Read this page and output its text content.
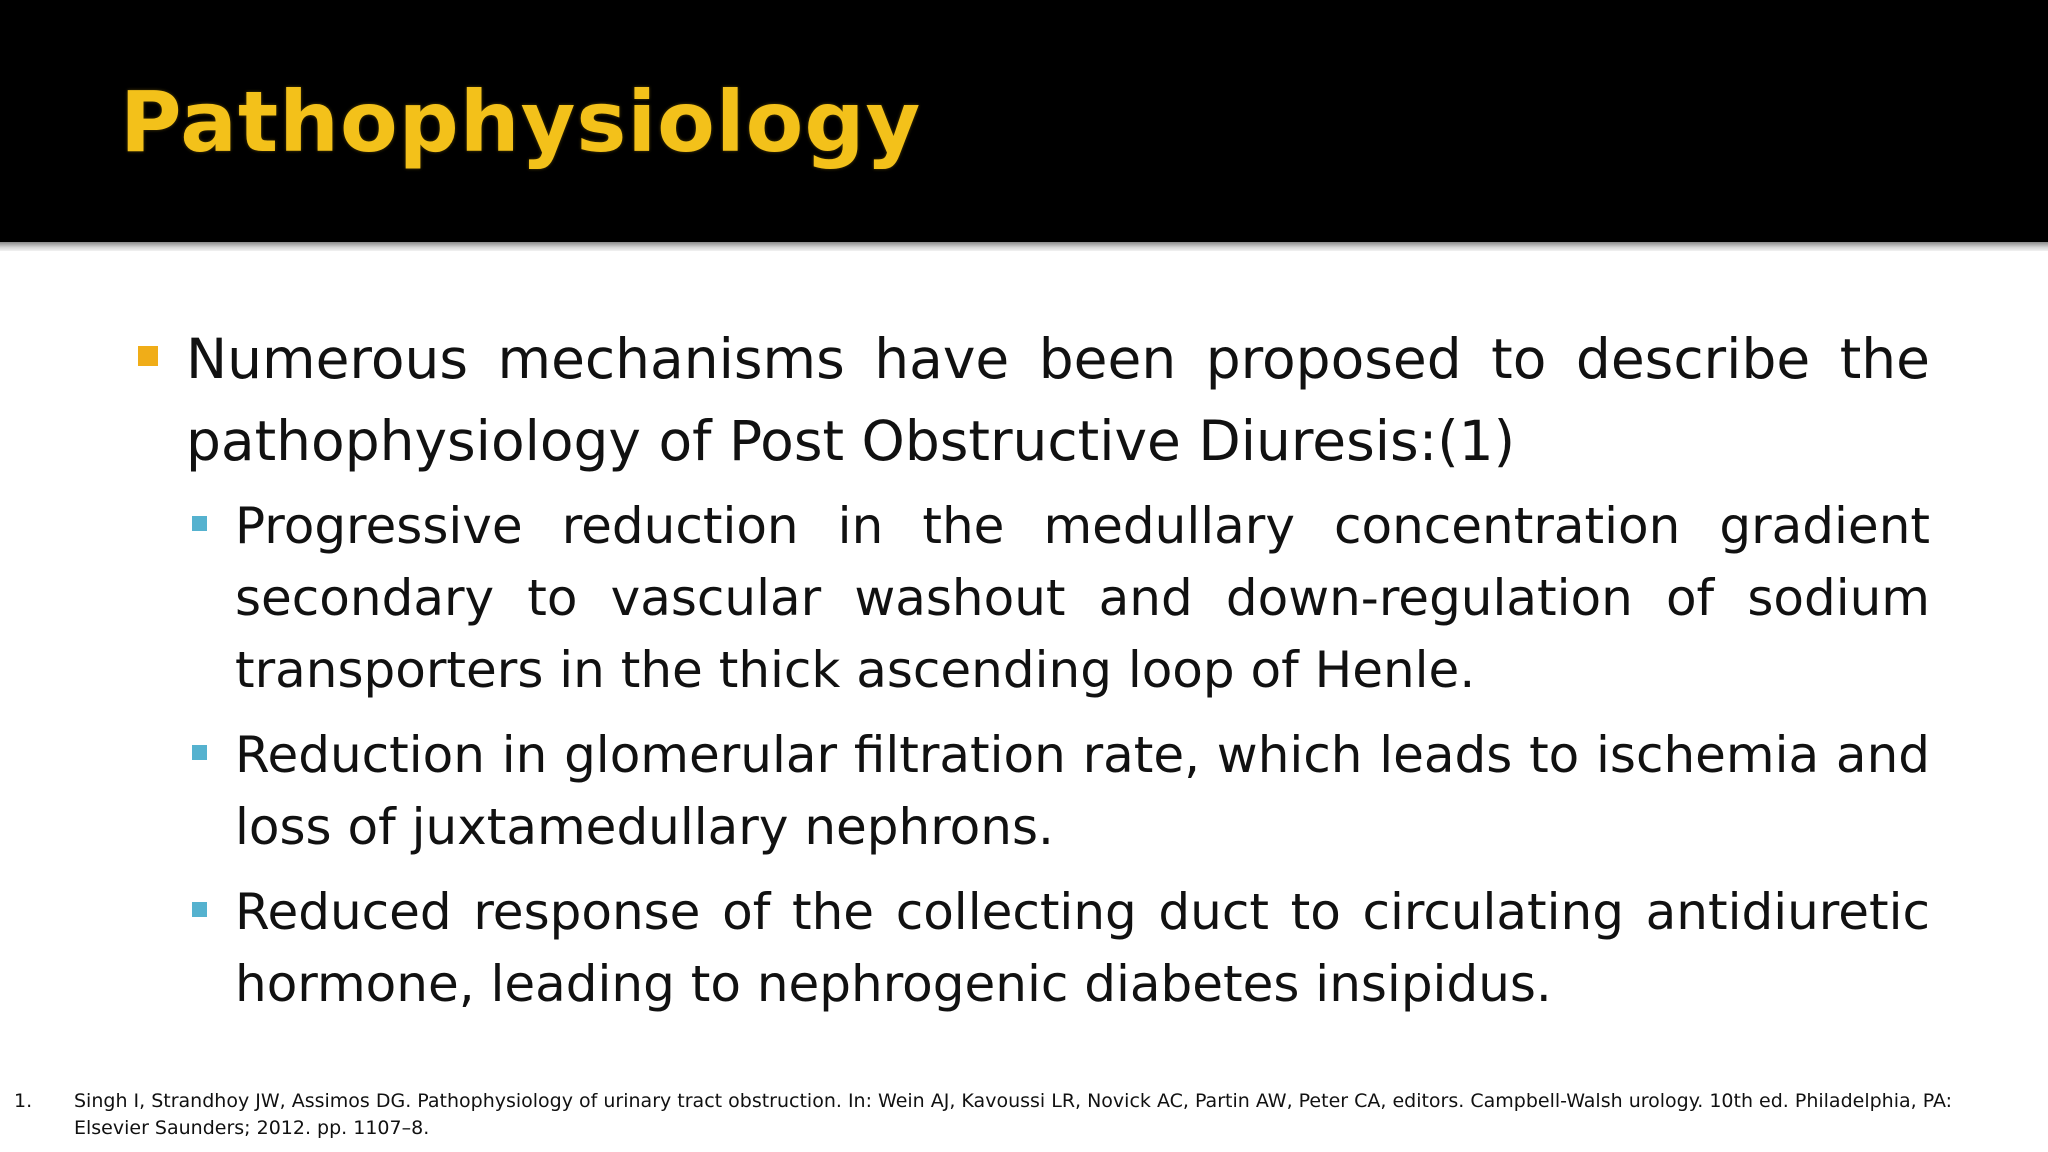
Pathophysiology
Numerous mechanisms have been proposed to describe the pathophysiology of Post Obstructive Diuresis:(1)
Progressive reduction in the medullary concentration gradient secondary to vascular washout and down-regulation of sodium transporters in the thick ascending loop of Henle.
Reduction in glomerular filtration rate, which leads to ischemia and loss of juxtamedullary nephrons.
Reduced response of the collecting duct to circulating antidiuretic hormone, leading to nephrogenic diabetes insipidus.
1. Singh I, Strandhoy JW, Assimos DG. Pathophysiology of urinary tract obstruction. In: Wein AJ, Kavoussi LR, Novick AC, Partin AW, Peter CA, editors. Campbell-Walsh urology. 10th ed. Philadelphia, PA: Elsevier Saunders; 2012. pp. 1107–8.
